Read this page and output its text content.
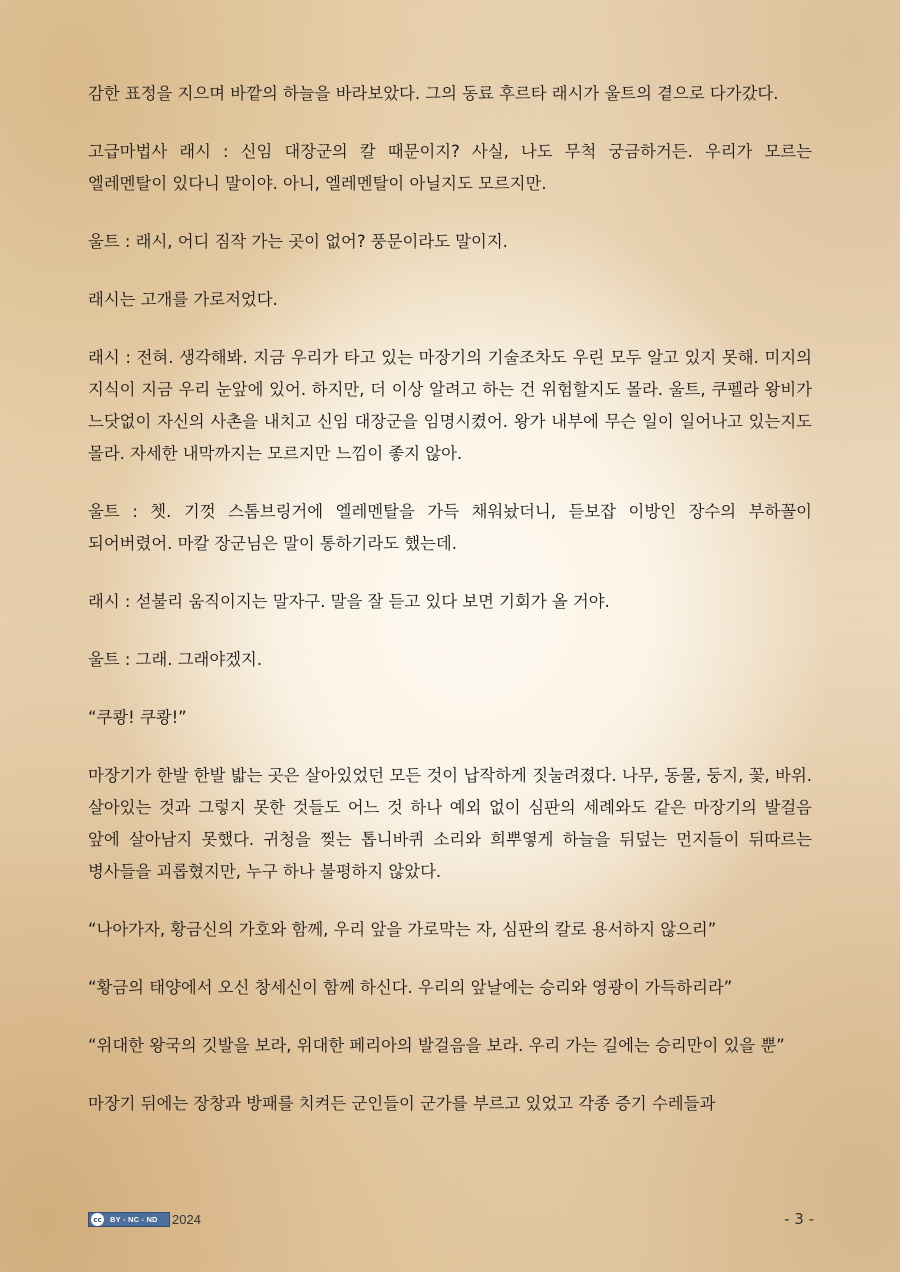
감한 표정을 지으며 바깥의 하늘을 바라보았다. 그의 동료 후르타 래시가 울트의 곁으로 다가갔다.

고급마법사 래시 : 신임 대장군의 칼 때문이지? 사실, 나도 무척 궁금하거든. 우리가 모르는 엘레멘탈이 있다니 말이야. 아니, 엘레멘탈이 아닐지도 모르지만.

울트 : 래시, 어디 짐작 가는 곳이 없어? 풍문이라도 말이지.

래시는 고개를 가로저었다.

래시 : 전혀. 생각해봐. 지금 우리가 타고 있는 마장기의 기술조차도 우린 모두 알고 있지 못해. 미지의 지식이 지금 우리 눈앞에 있어. 하지만, 더 이상 알려고 하는 건 위험할지도 몰라. 울트, 쿠펠라 왕비가 느닷없이 자신의 사촌을 내치고 신임 대장군을 임명시켰어. 왕가 내부에 무슨 일이 일어나고 있는지도 몰라. 자세한 내막까지는 모르지만 느낌이 좋지 않아.

울트 : 쳇. 기껏 스톰브링거에 엘레멘탈을 가득 채워놨더니, 듣보잡 이방인 장수의 부하꼴이 되어버렸어. 마칼 장군님은 말이 통하기라도 했는데.

래시 : 섣불리 움직이지는 말자구. 말을 잘 듣고 있다 보면 기회가 올 거야.

울트 : 그래. 그래야겠지.

“쿠쾅! 쿠쾅!”

마장기가 한발 한발 밟는 곳은 살아있었던 모든 것이 납작하게 짓눌려졌다. 나무, 동물, 둥지, 꽃, 바위. 살아있는 것과 그렇지 못한 것들도 어느 것 하나 예외 없이 심판의 세례와도 같은 마장기의 발걸음 앞에 살아남지 못했다. 귀청을 찢는 톱니바퀴 소리와 희뿌옇게 하늘을 뒤덮는 먼지들이 뒤따르는 병사들을 괴롭혔지만, 누구 하나 불평하지 않았다.

“나아가자, 황금신의 가호와 함께, 우리 앞을 가로막는 자, 심판의 칼로 용서하지 않으리”

“황금의 태양에서 오신 창세신이 함께 하신다. 우리의 앞날에는 승리와 영광이 가득하리라”

“위대한 왕국의 깃발을 보라, 위대한 페리아의 발걸음을 보라. 우리 가는 길에는 승리만이 있을 뿐”

마장기 뒤에는 장창과 방패를 치켜든 군인들이 군가를 부르고 있었고 각종 증기 수레들과

cc	BY - NC - ND 2024	- 3 -
